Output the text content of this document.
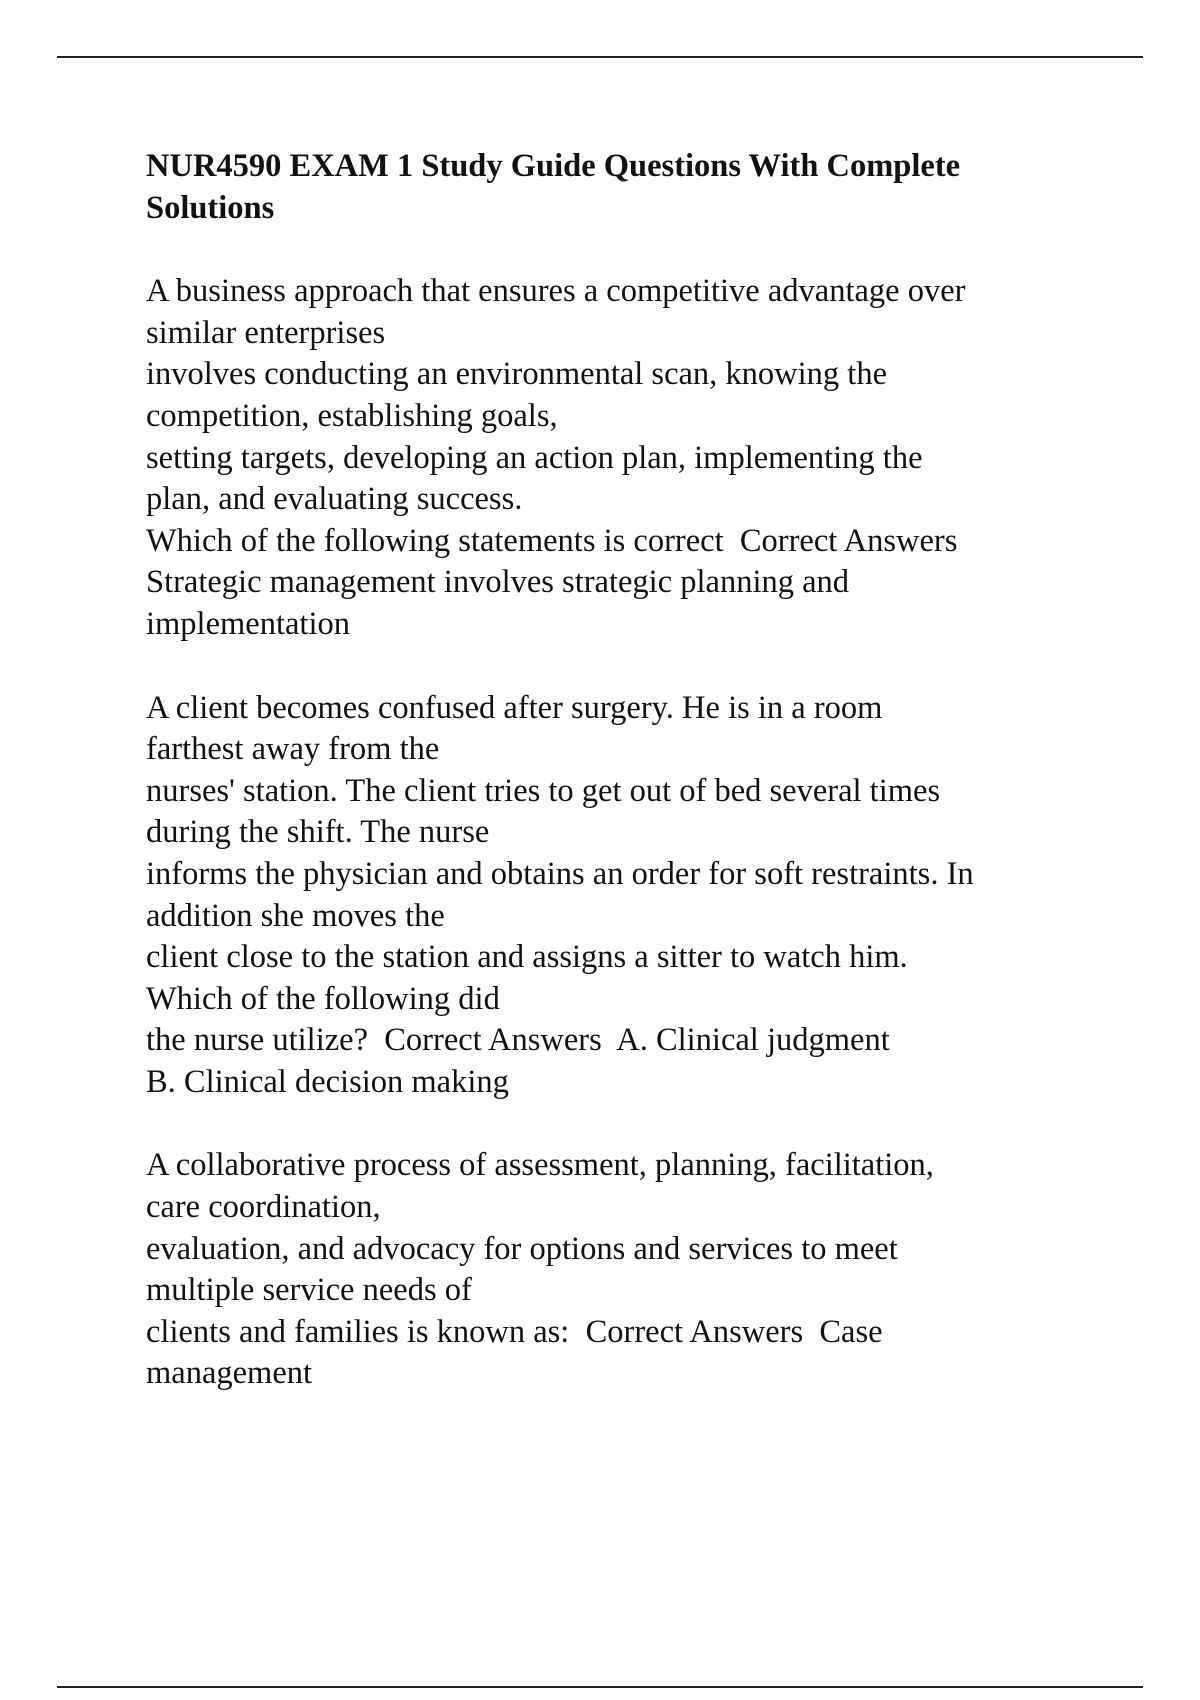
NUR4590 EXAM 1 Study Guide Questions With Complete
Solutions
A business approach that ensures a competitive advantage over
similar enterprises
involves conducting an environmental scan, knowing the
competition, establishing goals,
setting targets, developing an action plan, implementing the
plan, and evaluating success.
Which of the following statements is correct  Correct Answers
Strategic management involves strategic planning and
implementation
A client becomes confused after surgery. He is in a room
farthest away from the
nurses' station. The client tries to get out of bed several times
during the shift. The nurse
informs the physician and obtains an order for soft restraints. In
addition she moves the
client close to the station and assigns a sitter to watch him.
Which of the following did
the nurse utilize?  Correct Answers  A. Clinical judgment
B. Clinical decision making
A collaborative process of assessment, planning, facilitation,
care coordination,
evaluation, and advocacy for options and services to meet
multiple service needs of
clients and families is known as:  Correct Answers  Case
management
